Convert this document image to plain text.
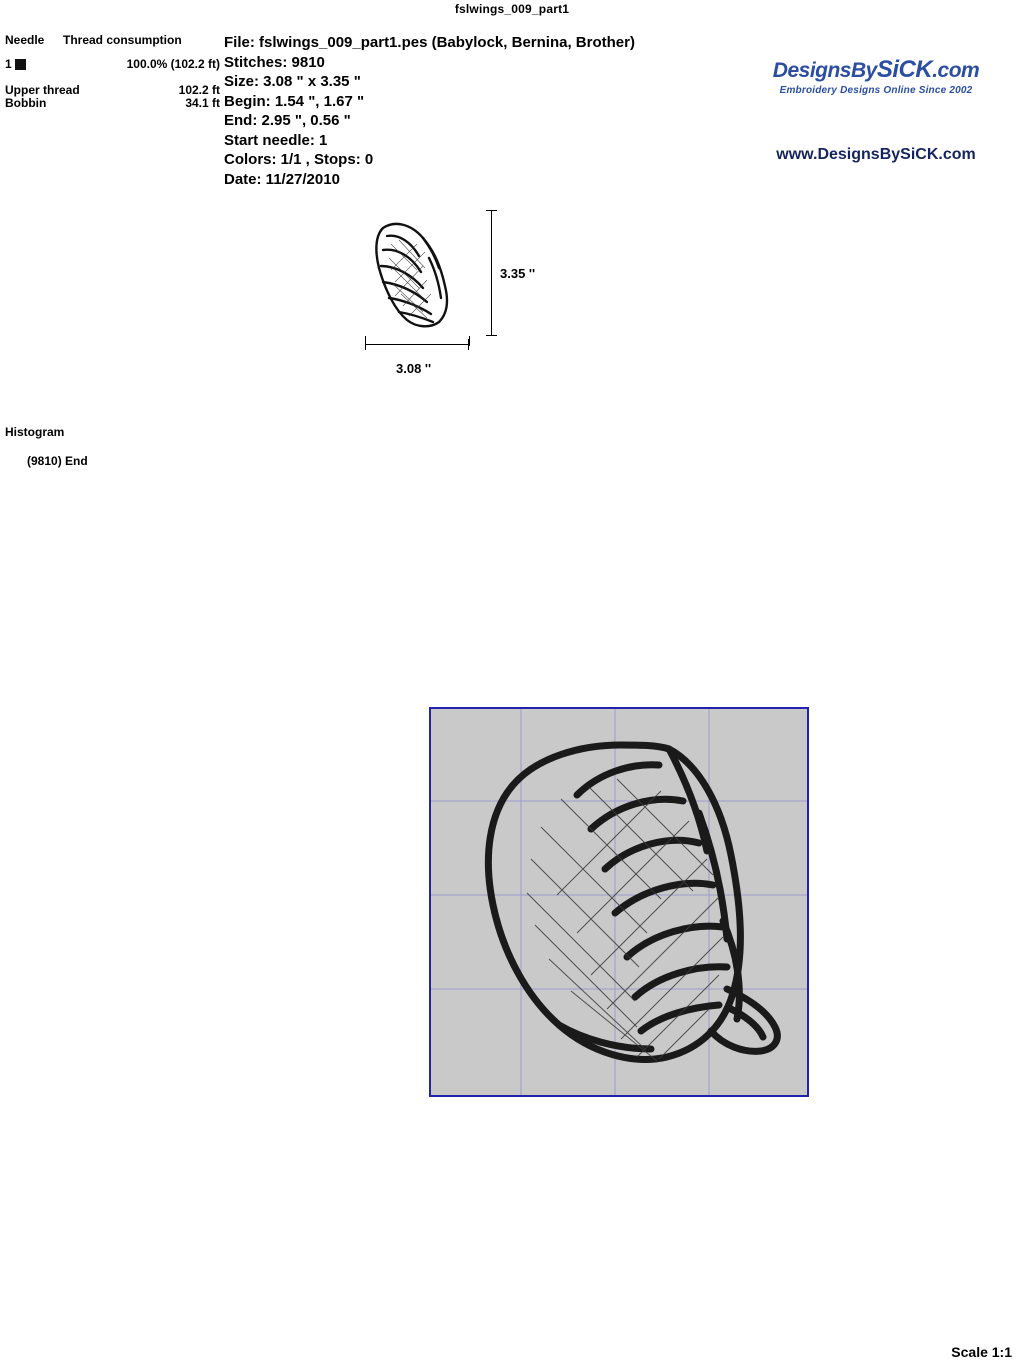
fslwings_009_part1
Needle	Thread consumption
1	100.0% (102.2 ft)
Upper thread	102.2 ft
Bobbin	34.1 ft
File: fslwings_009_part1.pes (Babylock, Bernina, Brother)
Stitches: 9810
Size: 3.08 " x 3.35 "
Begin: 1.54 ", 1.67 "
End: 2.95 ", 0.56 "
Start needle: 1
Colors: 1/1 , Stops: 0
Date: 11/27/2010
DesignsBySiCK.com
Embroidery Designs Online Since 2002
www.DesignsBySiCK.com
3.35 ''
3.08 ''
Histogram
(9810) End
Scale 1:1
